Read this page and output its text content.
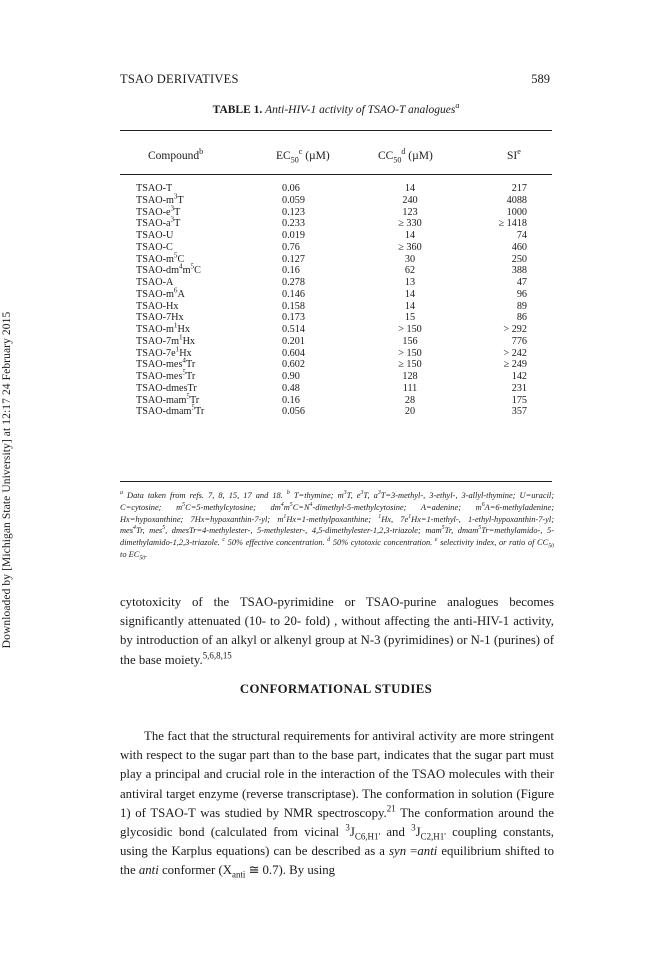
Downloaded by [Michigan State University] at 12:17 24 February 2015
TSAO DERIVATIVES	589
TABLE 1. Anti-HIV-1 activity of TSAO-T analogues$^a$
Compound$^b$	$EC_{50}^c$ (µM)	$CC_{50}^d$ (µM)	$SI^e$
TSAO-T	0.06	14	217
TSAO-$m^3T$	0.059	240	4088
TSAO-$e^3T$	0.123	123	1000
TSAO-$a^3T$	0.233	≥ 330	≥ 1418
TSAO-U	0.019	14	74
TSAO-C	0.76	≥ 360	460
TSAO-$m^5C$	0.127	30	250
TSAO-$dm^4m^5C$	0.16	62	388
TSAO-A	0.278	13	47
TSAO-$m^6A$	0.146	14	96
TSAO-Hx	0.158	14	89
TSAO-7Hx	0.173	15	86
TSAO-$m^1Hx$	0.514	> 150	> 292
TSAO-$7m^1Hx$	0.201	156	776
TSAO-$7e^1Hx$	0.604	> 150	> 242
TSAO-mes$^4$Tr	0.602	≥ 150	≥ 249
TSAO-mes$^5$Tr	0.90	128	142
TSAO-dmesTr	0.48	111	231
TSAO-mam$^5$Tr	0.16	28	175
TSAO-dmam$^5$Tr	0.056	20	357
$^a$ Data taken from refs. 7, 8, 15, 17 and 18. $^b$ T=thymine; $m^3T$, $e^3T$, $a^3T=3-methyl-$, 3-ethyl-, 3-allyl-thymine; U=uracil; C=cytosine; $m^5C=5$-methylcytosine; $dm^4m^5C=N^4-dimethyl-5$-methylcytosine; A=adenine; $m^6A=6$-methyladenine; Hx=hypoxanthine; 7Hx=hypoxanthin-7-yl; $m^1Hx=1$-methylpoxanthine; $^1$Hx, $7e^1Hx=1-methyl-$, 1-ethyl-hypoxanthin-7-yl; mes$^4$Tr, mes$^5$, dmesTr=4-methylester-, 5-methylester-, 4,5-dimethylester-1,2,3-triazole; mam$^5$Tr, dmam$^5$Tr=methylamido-, 5-dimethylamido-1,2,3-triazole. $^c$ 50% effective concentration. $^d$ 50% cytotoxic concentration. $^e$ selectivity index, or ratio of $CC_{50}$ to $EC_{50}$.
cytotoxicity of the TSAO-pyrimidine or TSAO-purine analogues becomes significantly attenuated (10- to 20- fold) , without affecting the anti-HIV-1 activity, by introduction of an alkyl or alkenyl group at N-3 (pyrimidines) or N-1 (purines) of the base moiety.$^{5,6,8,15}$
CONFORMATIONAL STUDIES
The fact that the structural requirements for antiviral activity are more stringent with respect to the sugar part than to the base part, indicates that the sugar part must play a principal and crucial role in the interaction of the TSAO molecules with their antiviral target enzyme (reverse transcriptase). The conformation in solution (Figure 1) of TSAO-T was studied by NMR spectroscopy.$^{21}$ The conformation around the glycosidic bond (calculated from vicinal $^3J_{C6,H1'}$ and $^3J_{C2,H1'}$ coupling constants, using the Karplus equations) can be described as a syn =anti equilibrium shifted to the anti conformer ($X_{anti}$ ≅ 0.7). By using
